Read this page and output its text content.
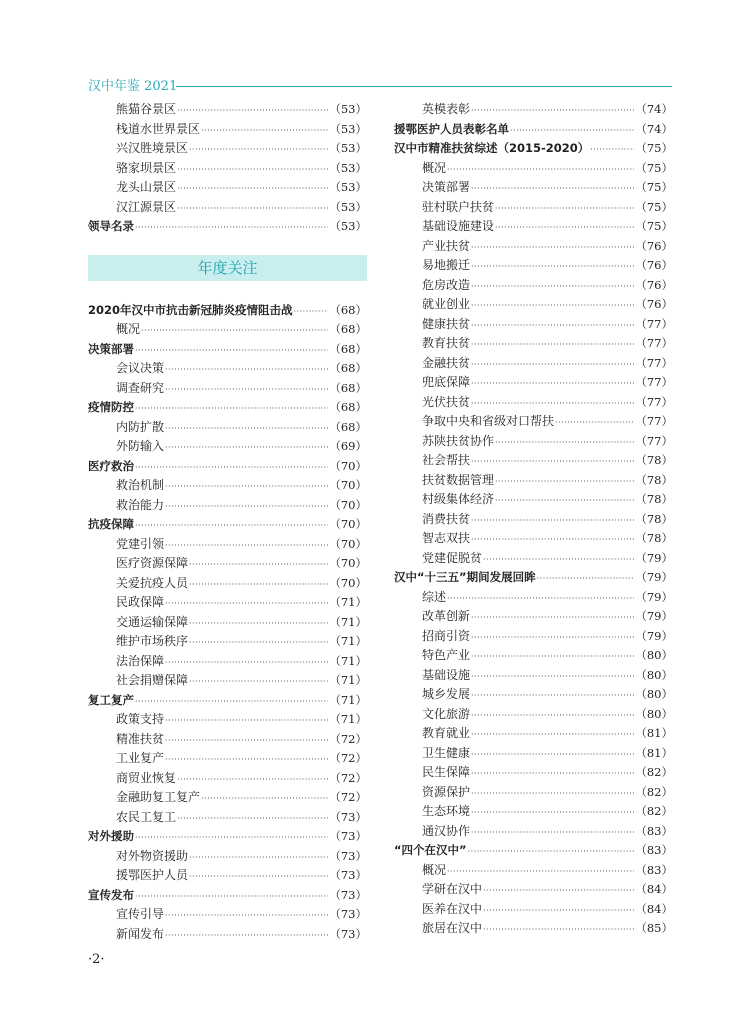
汉中年鉴 2021
熊猫谷景区 ·····	（53）
栈道水世界景区 ·····	（53）
兴汉胜境景区 ·····	（53）
骆家坝景区 ·····	（53）
龙头山景区 ·····	（53）
汉江源景区 ·····	（53）
领导名录 ·····	（53）
年度关注
2020年汉中市抗击新冠肺炎疫情阻击战 ·····	（68）
概况 ·····	（68）
决策部署 ·····	（68）
会议决策 ·····	（68）
调查研究 ·····	（68）
疫情防控 ·····	（68）
内防扩散 ·····	（68）
外防输入 ·····	（69）
医疗救治 ·····	（70）
救治机制 ·····	（70）
救治能力 ·····	（70）
抗疫保障 ·····	（70）
党建引领 ·····	（70）
医疗资源保障 ·····	（70）
关爱抗疫人员 ·····	（70）
民政保障 ·····	（71）
交通运输保障 ·····	（71）
维护市场秩序 ·····	（71）
法治保障 ·····	（71）
社会捐赠保障 ·····	（71）
复工复产 ·····	（71）
政策支持 ·····	（71）
精准扶贫 ·····	（72）
工业复产 ·····	（72）
商贸业恢复 ·····	（72）
金融助复工复产 ·····	（72）
农民工复工 ·····	（73）
对外援助 ·····	（73）
对外物资援助 ·····	（73）
援鄂医护人员 ·····	（73）
宣传发布 ·····	（73）
宣传引导 ·····	（73）
新闻发布 ·····	（73）
英模表彰 ·····	（74）
援鄂医护人员表彰名单 ·····	（74）
汉中市精准扶贫综述（2015-2020） ·····	（75）
概况 ·····	（75）
决策部署 ·····	（75）
驻村联户扶贫 ·····	（75）
基础设施建设 ·····	（75）
产业扶贫 ·····	（76）
易地搬迁 ·····	（76）
危房改造 ·····	（76）
就业创业 ·····	（76）
健康扶贫 ·····	（77）
教育扶贫 ·····	（77）
金融扶贫 ·····	（77）
兜底保障 ·····	（77）
光伏扶贫 ·····	（77）
争取中央和省级对口帮扶 ·····	（77）
苏陕扶贫协作 ·····	（77）
社会帮扶 ·····	（78）
扶贫数据管理 ·····	（78）
村级集体经济 ·····	（78）
消费扶贫 ·····	（78）
智志双扶 ·····	（78）
党建促脱贫 ·····	（79）
汉中“十三五”期间发展回眸 ·····	（79）
综述 ·····	（79）
改革创新 ·····	（79）
招商引资 ·····	（79）
特色产业 ·····	（80）
基础设施 ·····	（80）
城乡发展 ·····	（80）
文化旅游 ·····	（80）
教育就业 ·····	（81）
卫生健康 ·····	（81）
民生保障 ·····	（82）
资源保护 ·····	（82）
生态环境 ·····	（82）
通汉协作 ·····	（83）
“四个在汉中” ·····	（83）
概况 ·····	（83）
学研在汉中 ·····	（84）
医养在汉中 ·····	（84）
旅居在汉中 ·····	（85）
·2·
